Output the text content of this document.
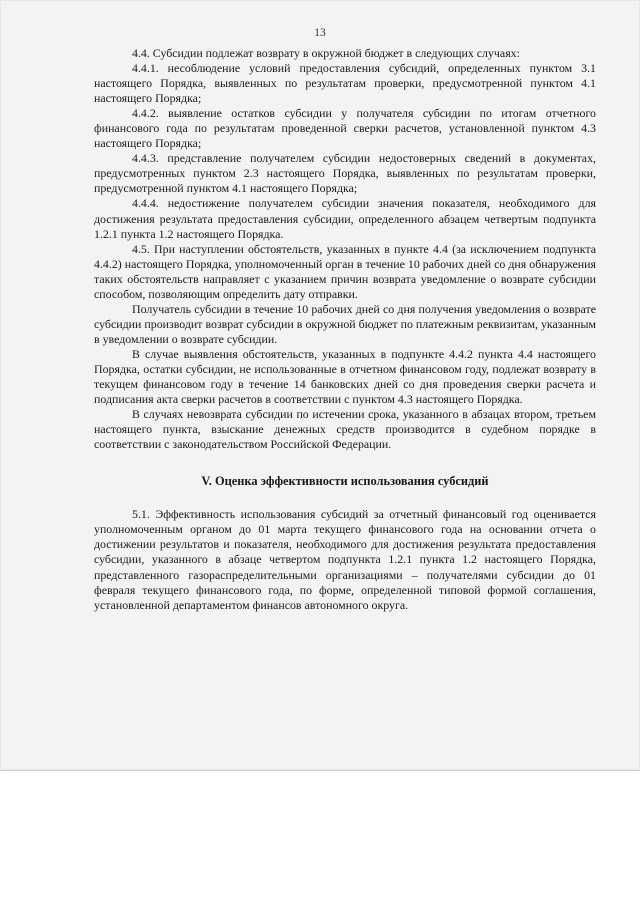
13

4.4. Субсидии подлежат возврату в окружной бюджет в следующих случаях:

4.4.1. несоблюдение условий предоставления субсидий, определенных пунктом 3.1 настоящего Порядка, выявленных по результатам проверки, предусмотренной пунктом 4.1 настоящего Порядка;

4.4.2. выявление остатков субсидии у получателя субсидии по итогам отчетного финансового года по результатам проведенной сверки расчетов, установленной пунктом 4.3 настоящего Порядка;

4.4.3. представление получателем субсидии недостоверных сведений в документах, предусмотренных пунктом 2.3 настоящего Порядка, выявленных по результатам проверки, предусмотренной пунктом 4.1 настоящего Порядка;

4.4.4. недостижение получателем субсидии значения показателя, необходимого для достижения результата предоставления субсидии, определенного абзацем четвертым подпункта 1.2.1 пункта 1.2 настоящего Порядка.

4.5. При наступлении обстоятельств, указанных в пункте 4.4 (за исключением подпункта 4.4.2) настоящего Порядка, уполномоченный орган в течение 10 рабочих дней со дня обнаружения таких обстоятельств направляет с указанием причин возврата уведомление о возврате субсидии способом, позволяющим определить дату отправки.

Получатель субсидии в течение 10 рабочих дней со дня получения уведомления о возврате субсидии производит возврат субсидии в окружной бюджет по платежным реквизитам, указанным в уведомлении о возврате субсидии.

В случае выявления обстоятельств, указанных в подпункте 4.4.2 пункта 4.4 настоящего Порядка, остатки субсидии, не использованные в отчетном финансовом году, подлежат возврату в текущем финансовом году в течение 14 банковских дней со дня проведения сверки расчета и подписания акта сверки расчетов в соответствии с пунктом 4.3 настоящего Порядка.

В случаях невозврата субсидии по истечении срока, указанного в абзацах втором, третьем настоящего пункта, взыскание денежных средств производится в судебном порядке в соответствии с законодательством Российской Федерации.

V. Оценка эффективности использования субсидий

5.1. Эффективность использования субсидий за отчетный финансовый год оценивается уполномоченным органом до 01 марта текущего финансового года на основании отчета о достижении результатов и показателя, необходимого для достижения результата предоставления субсидии, указанного в абзаце четвертом подпункта 1.2.1 пункта 1.2 настоящего Порядка, представленного газораспределительными организациями – получателями субсидии до 01 февраля текущего финансового года, по форме, определенной типовой формой соглашения, установленной департаментом финансов автономного округа.
